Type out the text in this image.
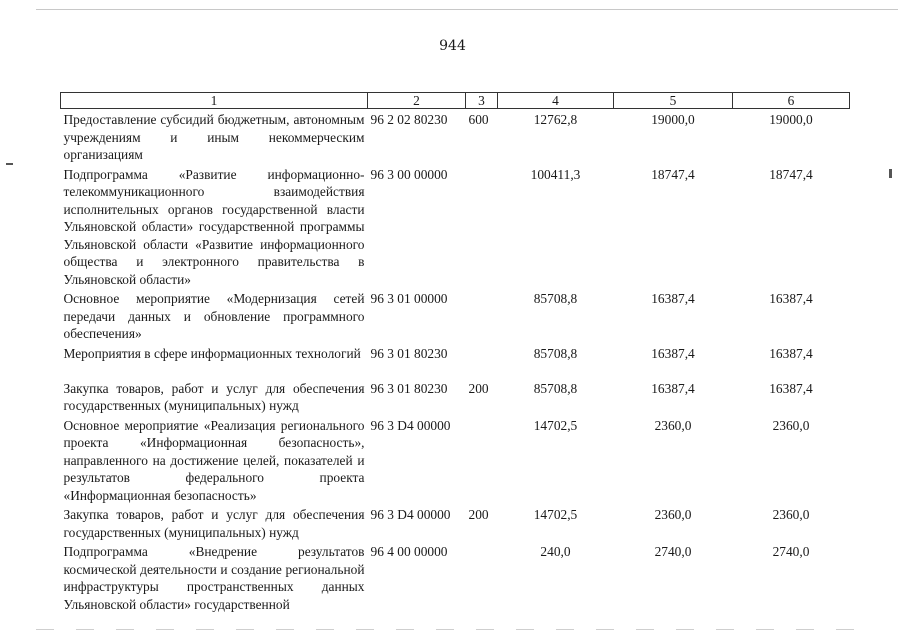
944
1	2	3	4	5	6
Предоставление субсидий бюджетным, автономным учреждениям и иным некоммерческим организациям	96 2 02 80230	600	12762,8	19000,0	19000,0
Подпрограмма «Развитие информационно-телекоммуникационного взаимодействия исполнительных органов государственной власти Ульяновской области» государственной программы Ульяновской области «Развитие информационного общества и электронного правительства в Ульяновской области»	96 3 00 00000		100411,3	18747,4	18747,4
Основное мероприятие «Модернизация сетей передачи данных и обновление программного обеспечения»	96 3 01 00000		85708,8	16387,4	16387,4
Мероприятия в сфере информационных технологий	96 3 01 80230		85708,8	16387,4	16387,4
Закупка товаров, работ и услуг для обеспечения государственных (муниципальных) нужд	96 3 01 80230	200	85708,8	16387,4	16387,4
Основное мероприятие «Реализация регионального проекта «Информационная безопасность», направленного на достижение целей, показателей и результатов федерального проекта «Информационная безопасность»	96 3 D4 00000		14702,5	2360,0	2360,0
Закупка товаров, работ и услуг для обеспечения государственных (муниципальных) нужд	96 3 D4 00000	200	14702,5	2360,0	2360,0
Подпрограмма «Внедрение результатов космической деятельности и создание региональной инфраструктуры пространственных данных Ульяновской области» государственной	96 4 00 00000		240,0	2740,0	2740,0
